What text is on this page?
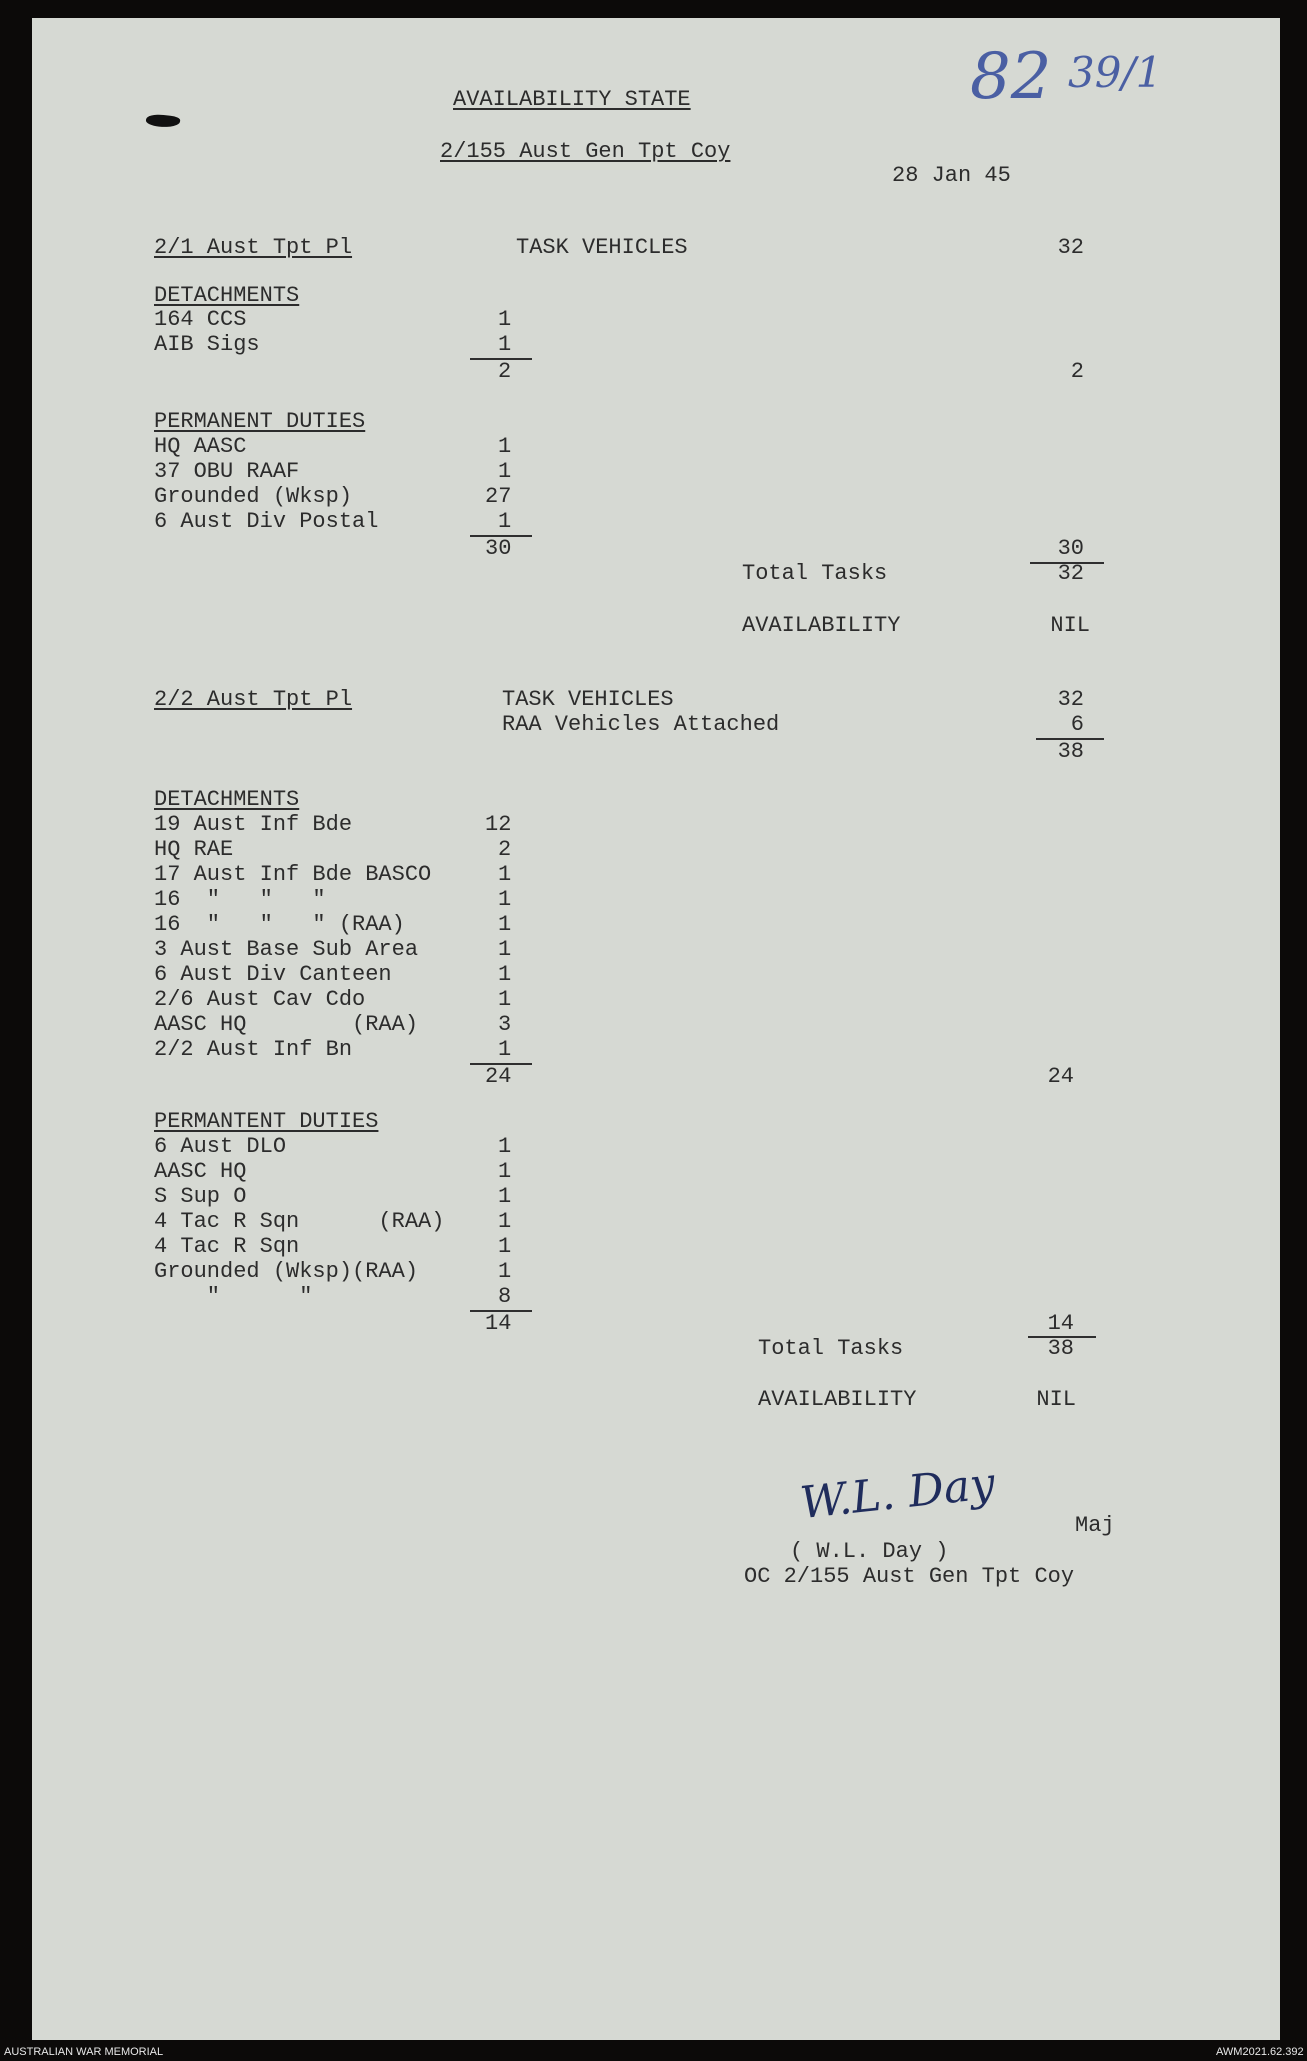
82 39/1
AVAILABILITY STATE
2/155 Aust Gen Tpt Coy
28 Jan 45
2/1 Aust Tpt Pl	TASK VEHICLES	32
DETACHMENTS
164 CCS	1
AIB Sigs	1
2	2
PERMANENT DUTIES
HQ AASC	1
37 OBU RAAF	1
Grounded (Wksp)	27
6 Aust Div Postal	1
30	30
Total Tasks	32
AVAILABILITY	NIL
2/2 Aust Tpt Pl	TASK VEHICLES	32
RAA Vehicles Attached	6
38
DETACHMENTS
19 Aust Inf Bde	12
HQ RAE	2
17 Aust Inf Bde BASCO	1
16  "   "   "	1
16  "   "   " (RAA)	1
3 Aust Base Sub Area	1
6 Aust Div Canteen	1
2/6 Aust Cav Cdo	1
AASC HQ        (RAA)	3
2/2 Aust Inf Bn	1
24	24
PERMANTENT DUTIES
6 Aust DLO	1
AASC HQ	1
S Sup O	1
4 Tac R Sqn      (RAA) 1
4 Tac R Sqn	1
Grounded (Wksp)(RAA)	1
"      "	8
14	14
Total Tasks	38
AVAILABILITY	NIL
W.L. Day	Maj
( W.L. Day )
OC 2/155 Aust Gen Tpt Coy
AUSTRALIAN WAR MEMORIAL	AWM2021.62.392
